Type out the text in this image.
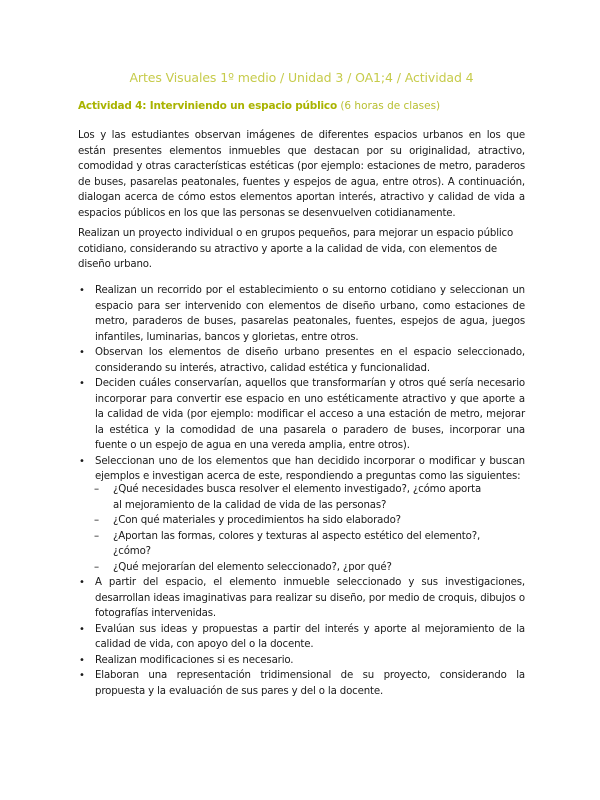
Artes Visuales 1º medio / Unidad 3 / OA1;4 / Actividad 4
Actividad 4: Interviniendo un espacio público (6 horas de clases)

Los y las estudiantes observan imágenes de diferentes espacios urbanos en los que están presentes elementos inmuebles que destacan por su originalidad, atractivo, comodidad y otras características estéticas (por ejemplo: estaciones de metro, paraderos de buses, pasarelas peatonales, fuentes y espejos de agua, entre otros). A continuación, dialogan acerca de cómo estos elementos aportan interés, atractivo y calidad de vida a espacios públicos en los que las personas se desenvuelven cotidianamente.

Realizan un proyecto individual o en grupos pequeños, para mejorar un espacio público cotidiano, considerando su atractivo y aporte a la calidad de vida, con elementos de diseño urbano.

• Realizan un recorrido por el establecimiento o su entorno cotidiano y seleccionan un espacio para ser intervenido con elementos de diseño urbano, como estaciones de metro, paraderos de buses, pasarelas peatonales, fuentes, espejos de agua, juegos infantiles, luminarias, bancos y glorietas, entre otros.
• Observan los elementos de diseño urbano presentes en el espacio seleccionado, considerando su interés, atractivo, calidad estética y funcionalidad.
• Deciden cuáles conservarían, aquellos que transformarían y otros qué sería necesario incorporar para convertir ese espacio en uno estéticamente atractivo y que aporte a la calidad de vida (por ejemplo: modificar el acceso a una estación de metro, mejorar la estética y la comodidad de una pasarela o paradero de buses, incorporar una fuente o un espejo de agua en una vereda amplia, entre otros).
• Seleccionan uno de los elementos que han decidido incorporar o modificar y buscan ejemplos e investigan acerca de este, respondiendo a preguntas como las siguientes:
– ¿Qué necesidades busca resolver el elemento investigado?, ¿cómo aporta al mejoramiento de la calidad de vida de las personas?
– ¿Con qué materiales y procedimientos ha sido elaborado?
– ¿Aportan las formas, colores y texturas al aspecto estético del elemento?, ¿cómo?
– ¿Qué mejorarían del elemento seleccionado?, ¿por qué?
• A partir del espacio, el elemento inmueble seleccionado y sus investigaciones, desarrollan ideas imaginativas para realizar su diseño, por medio de croquis, dibujos o fotografías intervenidas.
• Evalúan sus ideas y propuestas a partir del interés y aporte al mejoramiento de la calidad de vida, con apoyo del o la docente.
• Realizan modificaciones si es necesario.
• Elaboran una representación tridimensional de su proyecto, considerando la propuesta y la evaluación de sus pares y del o la docente.
